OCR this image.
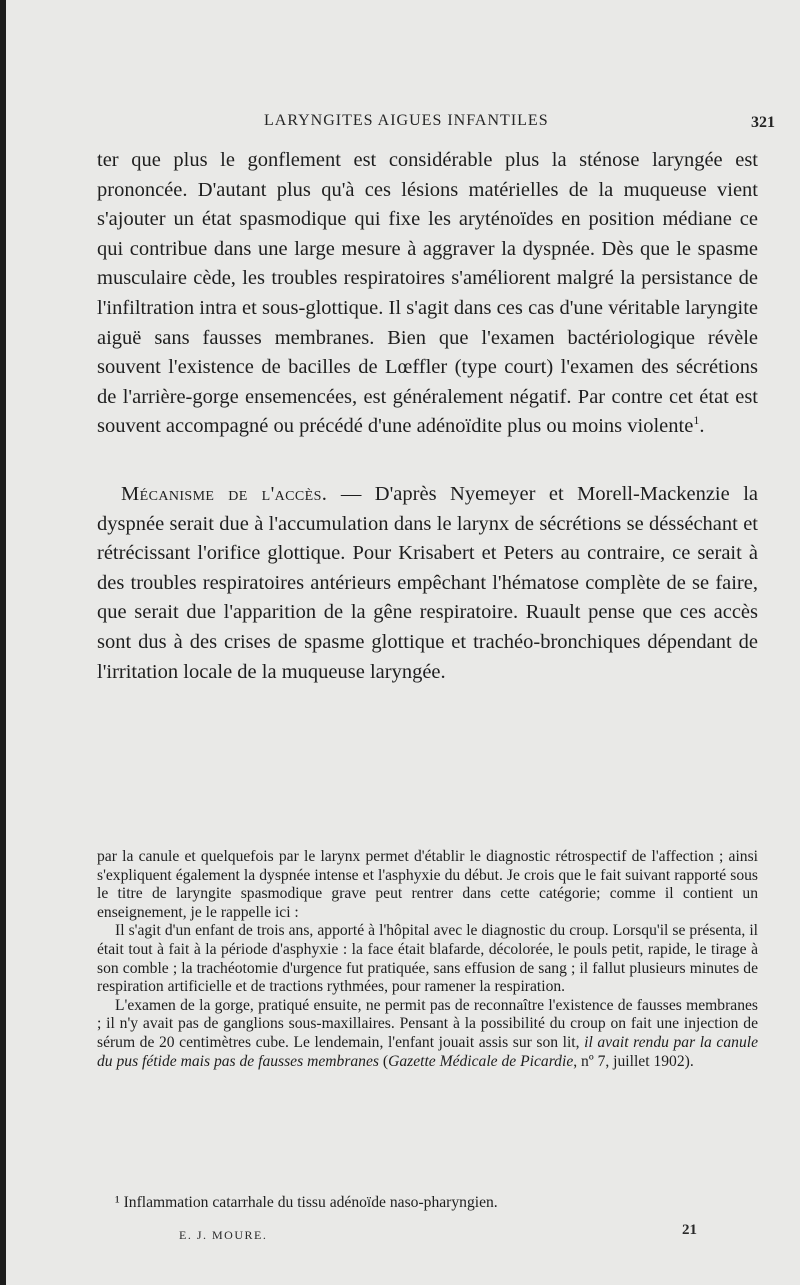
LARYNGITES AIGUES INFANTILES	321

ter que plus le gonflement est considérable plus la sténose laryngée est prononcée. D'autant plus qu'à ces lésions matérielles de la muqueuse vient s'ajouter un état spasmodique qui fixe les aryténoïdes en position médiane ce qui contribue dans une large mesure à aggraver la dyspnée. Dès que le spasme musculaire cède, les troubles respiratoires s'améliorent malgré la persistance de l'infiltration intra et sous-glottique. Il s'agit dans ces cas d'une véritable laryngite aiguë sans fausses membranes. Bien que l'examen bactériologique révèle souvent l'existence de bacilles de Lœffler (type court) l'examen des sécrétions de l'arrière-gorge ensemencées, est généralement négatif. Par contre cet état est souvent accompagné ou précédé d'une adénoïdite plus ou moins violente$^1$.

Mécanisme de l'accès. — D'après Nyemeyer et Morell-Mackenzie la dyspnée serait due à l'accumulation dans le larynx de sécrétions se désséchant et rétrécissant l'orifice glottique. Pour Krisabert et Peters au contraire, ce serait à des troubles respiratoires antérieurs empêchant l'hématose complète de se faire, que serait due l'apparition de la gêne respiratoire. Ruault pense que ces accès sont dus à des crises de spasme glottique et trachéo-bronchiques dépendant de l'irritation locale de la muqueuse laryngée.

par la canule et quelquefois par le larynx permet d'établir le diagnostic rétrospectif de l'affection ; ainsi s'expliquent également la dyspnée intense et l'asphyxie du début. Je crois que le fait suivant rapporté sous le titre de laryngite spasmodique grave peut rentrer dans cette catégorie; comme il contient un enseignement, je le rappelle ici :

Il s'agit d'un enfant de trois ans, apporté à l'hôpital avec le diagnostic du croup. Lorsqu'il se présenta, il était tout à fait à la période d'asphyxie : la face était blafarde, décolorée, le pouls petit, rapide, le tirage à son comble ; la trachéotomie d'urgence fut pratiquée, sans effusion de sang ; il fallut plusieurs minutes de respiration artificielle et de tractions rythmées, pour ramener la respiration.

L'examen de la gorge, pratiqué ensuite, ne permit pas de reconnaître l'existence de fausses membranes ; il n'y avait pas de ganglions sous-maxillaires. Pensant à la possibilité du croup on fait une injection de sérum de 20 centimètres cube. Le lendemain, l'enfant jouait assis sur son lit, il avait rendu par la canule du pus fétide mais pas de fausses membranes (Gazette Médicale de Picardie, nº 7, juillet 1902).

¹ Inflammation catarrhale du tissu adénoïde naso-pharyngien.
E. J. MOURE.	21
